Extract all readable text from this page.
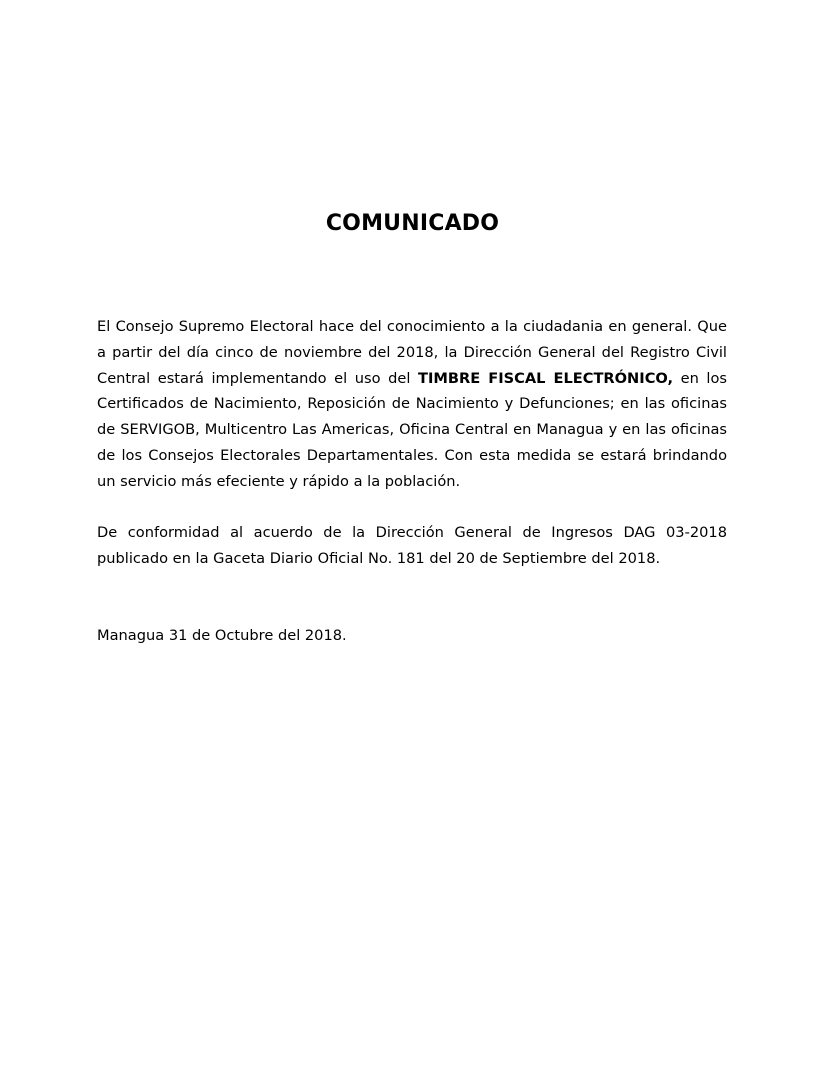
COMUNICADO

El Consejo Supremo Electoral hace del conocimiento a la ciudadania en general. Que a partir del día cinco de noviembre del 2018, la Dirección General del Registro Civil Central estará implementando el uso del TIMBRE FISCAL ELECTRÓNICO, en los Certificados de Nacimiento, Reposición de Nacimiento y Defunciones; en las oficinas de SERVIGOB, Multicentro Las Americas, Oficina Central en Managua y en las oficinas de los Consejos Electorales Departamentales. Con esta medida se estará brindando un servicio más efeciente y rápido a la población.

De conformidad al acuerdo de la Dirección General de Ingresos DAG 03-2018 publicado en la Gaceta Diario Oficial No. 181 del 20 de Septiembre del 2018.

Managua 31 de Octubre del 2018.
